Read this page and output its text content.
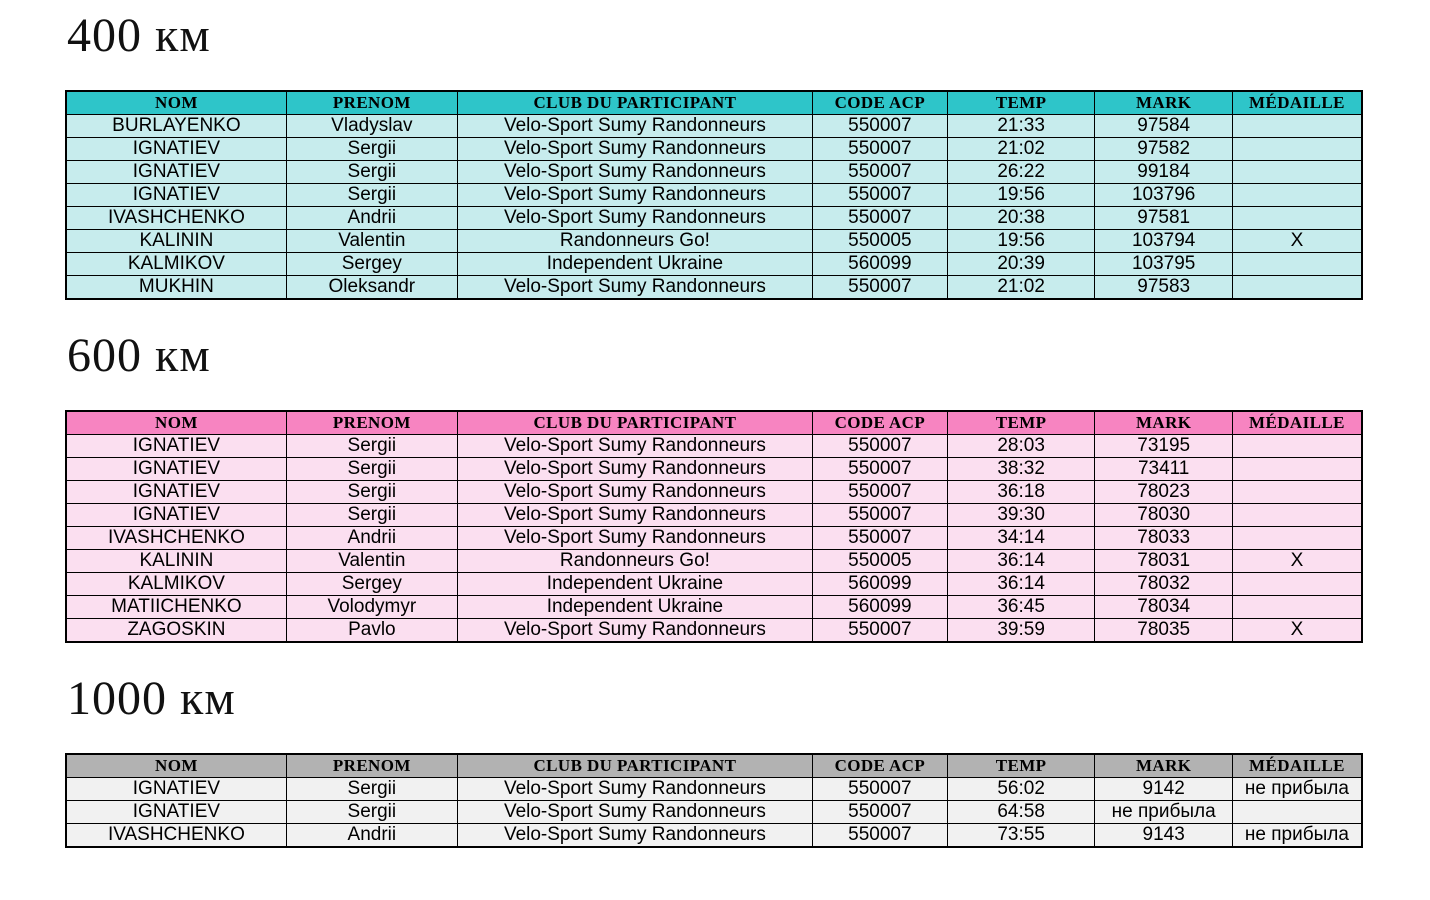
400 км
NOM	PRENOM	CLUB DU PARTICIPANT	CODE ACP	TEMP	MARK	MÉDAILLE
BURLAYENKO	Vladyslav	Velo-Sport Sumy Randonneurs	550007	21:33	97584	
IGNATIEV	Sergii	Velo-Sport Sumy Randonneurs	550007	21:02	97582	
IGNATIEV	Sergii	Velo-Sport Sumy Randonneurs	550007	26:22	99184	
IGNATIEV	Sergii	Velo-Sport Sumy Randonneurs	550007	19:56	103796	
IVASHCHENKO	Andrii	Velo-Sport Sumy Randonneurs	550007	20:38	97581	
KALININ	Valentin	Randonneurs Go!	550005	19:56	103794	X
KALMIKOV	Sergey	Independent Ukraine	560099	20:39	103795	
MUKHIN	Oleksandr	Velo-Sport Sumy Randonneurs	550007	21:02	97583	
600 км
NOM	PRENOM	CLUB DU PARTICIPANT	CODE ACP	TEMP	MARK	MÉDAILLE
IGNATIEV	Sergii	Velo-Sport Sumy Randonneurs	550007	28:03	73195	
IGNATIEV	Sergii	Velo-Sport Sumy Randonneurs	550007	38:32	73411	
IGNATIEV	Sergii	Velo-Sport Sumy Randonneurs	550007	36:18	78023	
IGNATIEV	Sergii	Velo-Sport Sumy Randonneurs	550007	39:30	78030	
IVASHCHENKO	Andrii	Velo-Sport Sumy Randonneurs	550007	34:14	78033	
KALININ	Valentin	Randonneurs Go!	550005	36:14	78031	X
KALMIKOV	Sergey	Independent Ukraine	560099	36:14	78032	
MATIICHENKO	Volodymyr	Independent Ukraine	560099	36:45	78034	
ZAGOSKIN	Pavlo	Velo-Sport Sumy Randonneurs	550007	39:59	78035	X
1000 км
NOM	PRENOM	CLUB DU PARTICIPANT	CODE ACP	TEMP	MARK	MÉDAILLE
IGNATIEV	Sergii	Velo-Sport Sumy Randonneurs	550007	56:02	9142	не прибыла
IGNATIEV	Sergii	Velo-Sport Sumy Randonneurs	550007	64:58	не прибыла	
IVASHCHENKO	Andrii	Velo-Sport Sumy Randonneurs	550007	73:55	9143	не прибыла
